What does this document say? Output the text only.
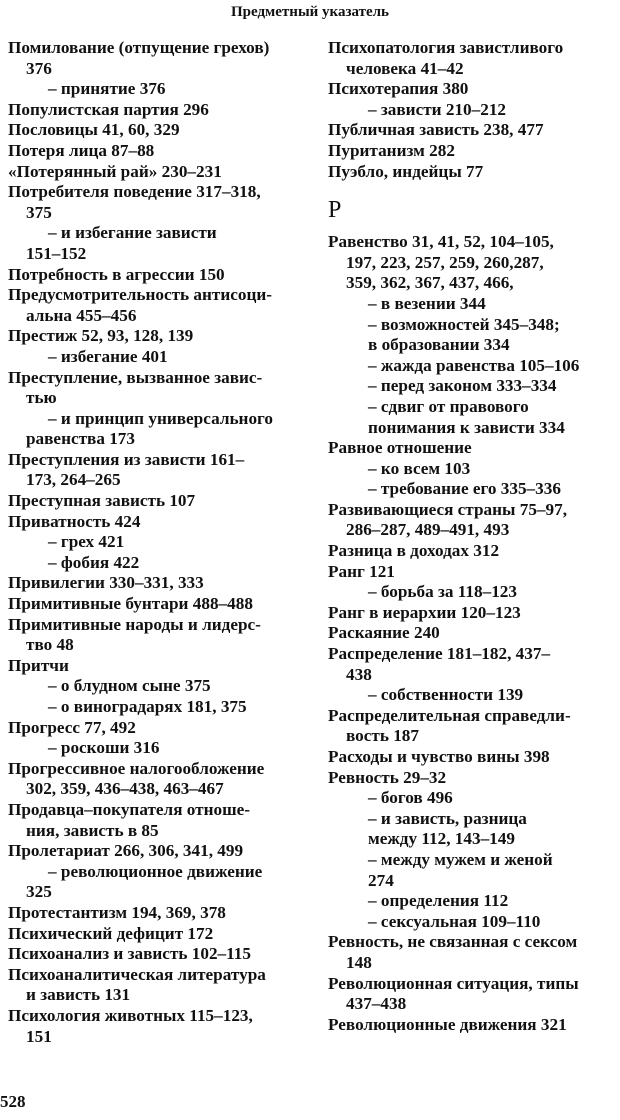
Предметный указатель
Помилование (отпущение грехов)
376
– принятие 376
Популистская партия 296
Пословицы 41, 60, 329
Потеря лица 87–88
«Потерянный рай» 230–231
Потребителя поведение 317–318,
375
– и избегание зависти
151–152
Потребность в агрессии 150
Предусмотрительность антисоци-
альна 455–456
Престиж 52, 93, 128, 139
– избегание 401
Преступление, вызванное завис-
тью
– и принцип универсального
равенства 173
Преступления из зависти 161–
173, 264–265
Преступная зависть 107
Приватность 424
– грех 421
– фобия 422
Привилегии 330–331, 333
Примитивные бунтари 488–488
Примитивные народы и лидерс-
тво 48
Притчи
– о блудном сыне 375
– о виноградарях 181, 375
Прогресс 77, 492
– роскоши 316
Прогрессивное налогообложение
302, 359, 436–438, 463–467
Продавца–покупателя отноше-
ния, зависть в 85
Пролетариат 266, 306, 341, 499
– революционное движение
325
Протестантизм 194, 369, 378
Психический дефицит 172
Психоанализ и зависть 102–115
Психоаналитическая литература
и зависть 131
Психология животных 115–123,
151
Психопатология завистливого
человека 41–42
Психотерапия 380
– зависти 210–212
Публичная зависть 238, 477
Пуританизм 282
Пуэбло, индейцы 77
Р
Равенство 31, 41, 52, 104–105,
197, 223, 257, 259, 260,287,
359, 362, 367, 437, 466,
– в везении 344
– возможностей 345–348;
в образовании 334
– жажда равенства 105–106
– перед законом 333–334
– сдвиг от правового
понимания к зависти 334
Равное отношение
– ко всем 103
– требование его 335–336
Развивающиеся страны 75–97,
286–287, 489–491, 493
Разница в доходах 312
Ранг 121
– борьба за 118–123
Ранг в иерархии 120–123
Раскаяние 240
Распределение 181–182, 437–
438
– собственности 139
Распределительная справедли-
вость 187
Расходы и чувство вины 398
Ревность 29–32
– богов 496
– и зависть, разница
между 112, 143–149
– между мужем и женой
274
– определения 112
– сексуальная 109–110
Ревность, не связанная с сексом
148
Революционная ситуация, типы
437–438
Революционные движения 321
528
